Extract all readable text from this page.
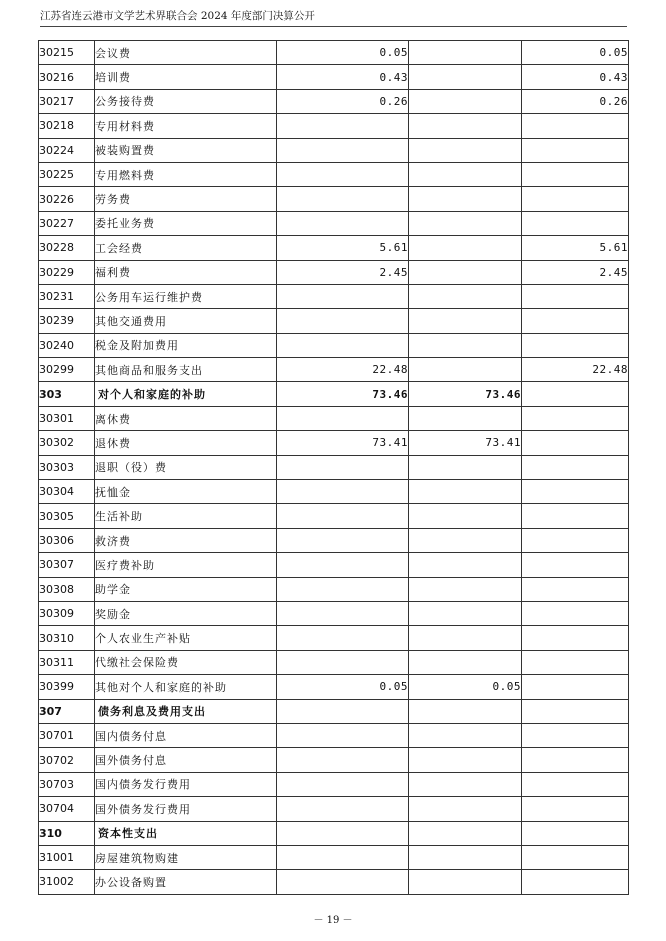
江苏省连云港市文学艺术界联合会 2024 年度部门决算公开
30215	会议费	0.05		0.05
30216	培训费	0.43		0.43
30217	公务接待费	0.26		0.26
30218	专用材料费			
30224	被装购置费			
30225	专用燃料费			
30226	劳务费			
30227	委托业务费			
30228	工会经费	5.61		5.61
30229	福利费	2.45		2.45
30231	公务用车运行维护费			
30239	其他交通费用			
30240	税金及附加费用			
30299	其他商品和服务支出	22.48		22.48
303	对个人和家庭的补助	73.46	73.46	
30301	离休费			
30302	退休费	73.41	73.41	
30303	退职（役）费			
30304	抚恤金			
30305	生活补助			
30306	救济费			
30307	医疗费补助			
30308	助学金			
30309	奖励金			
30310	个人农业生产补贴			
30311	代缴社会保险费			
30399	其他对个人和家庭的补助	0.05	0.05	
307	债务利息及费用支出			
30701	国内债务付息			
30702	国外债务付息			
30703	国内债务发行费用			
30704	国外债务发行费用			
310	资本性支出			
31001	房屋建筑物购建			
31002	办公设备购置			
－ 19 －
